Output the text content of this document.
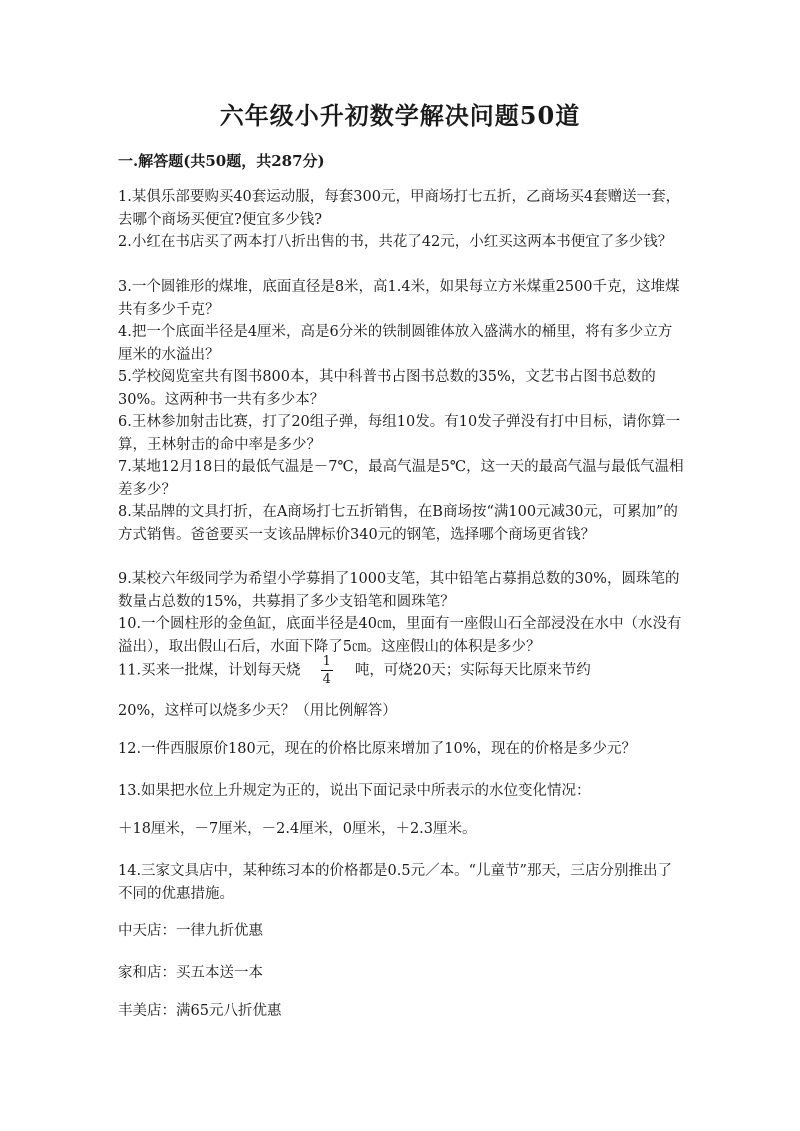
六年级小升初数学解决问题50道
一.解答题(共50题，共287分)
1.某俱乐部要购买40套运动服，每套300元，甲商场打七五折，乙商场买4套赠送一套，去哪个商场买便宜?便宜多少钱?
2.小红在书店买了两本打八折出售的书，共花了42元，小红买这两本书便宜了多少钱？
3.一个圆锥形的煤堆，底面直径是8米，高1.4米，如果每立方米煤重2500千克，这堆煤共有多少千克？
4.把一个底面半径是4厘米，高是6分米的铁制圆锥体放入盛满水的桶里，将有多少立方厘米的水溢出？
5.学校阅览室共有图书800本，其中科普书占图书总数的35%，文艺书占图书总数的30%。这两种书一共有多少本？
6.王林参加射击比赛，打了20组子弹，每组10发。有10发子弹没有打中目标，请你算一算，王林射击的命中率是多少？
7.某地12月18日的最低气温是－7℃，最高气温是5℃，这一天的最高气温与最低气温相差多少？
8.某品牌的文具打折，在A商场打七五折销售，在B商场按“满100元减30元，可累加”的方式销售。爸爸要买一支该品牌标价340元的钢笔，选择哪个商场更省钱？
9.某校六年级同学为希望小学募捐了1000支笔，其中铅笔占募捐总数的30%，圆珠笔的数量占总数的15%，共募捐了多少支铅笔和圆珠笔？
10.一个圆柱形的金鱼缸，底面半径是40㎝，里面有一座假山石全部浸没在水中（水没有溢出），取出假山石后，水面下降了5㎝。这座假山的体积是多少？
11.买来一批煤，计划每天烧 $\frac{1}{4}$ 吨，可烧20天；实际每天比原来节约
20%，这样可以烧多少天？（用比例解答）
12.一件西服原价180元，现在的价格比原来增加了10%，现在的价格是多少元？
13.如果把水位上升规定为正的，说出下面记录中所表示的水位变化情况：
＋18厘米，－7厘米，－2.4厘米，0厘米，＋2.3厘米。
14.三家文具店中，某种练习本的价格都是0.5元／本。“儿童节”那天，三店分别推出了不同的优惠措施。
中天店：一律九折优惠
家和店：买五本送一本
丰美店：满65元八折优惠
